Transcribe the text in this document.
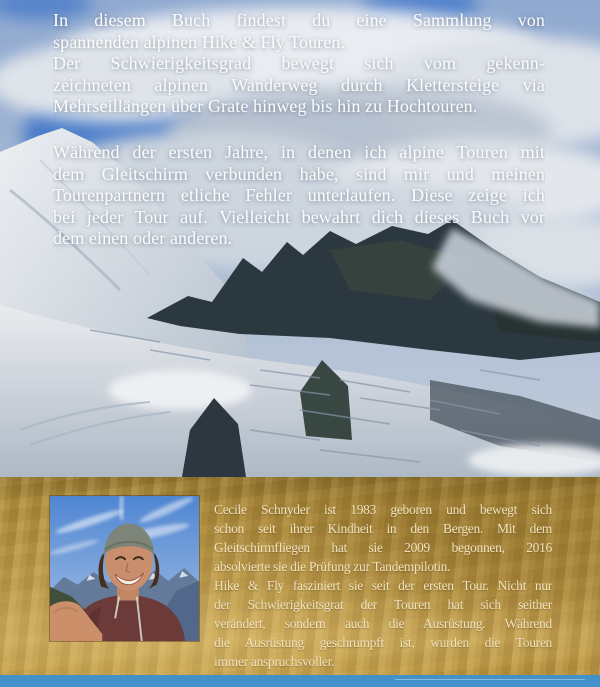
In diesem Buch findest du eine Sammlung von
spannenden alpinen Hike & Fly Touren.

Der Schwierigkeitsgrad bewegt sich vom gekenn-
zeichneten alpinen Wanderweg durch Klettersteige via
Mehrseillängen über Grate hinweg bis hin zu Hochtouren.

Während der ersten Jahre, in denen ich alpine Touren mit
dem Gleitschirm verbunden habe, sind mir und meinen
Tourenpartnern etliche Fehler unterlaufen. Diese zeige ich
bei jeder Tour auf. Vielleicht bewahrt dich dieses Buch vor
dem einen oder anderen.

Cecile Schnyder ist 1983 geboren und bewegt sich
schon seit ihrer Kindheit in den Bergen. Mit dem
Gleitschirmfliegen hat sie 2009 begonnen, 2016
absolvierte sie die Prüfung zur Tandempilotin.

Hike & Fly fasziniert sie seit der ersten Tour. Nicht nur
der Schwierigkeitsgrat der Touren hat sich seither
verändert, sondern auch die Ausrüstung. Während
die Ausrüstung geschrumpft ist, wurden die Touren
immer anspruchsvoller.
